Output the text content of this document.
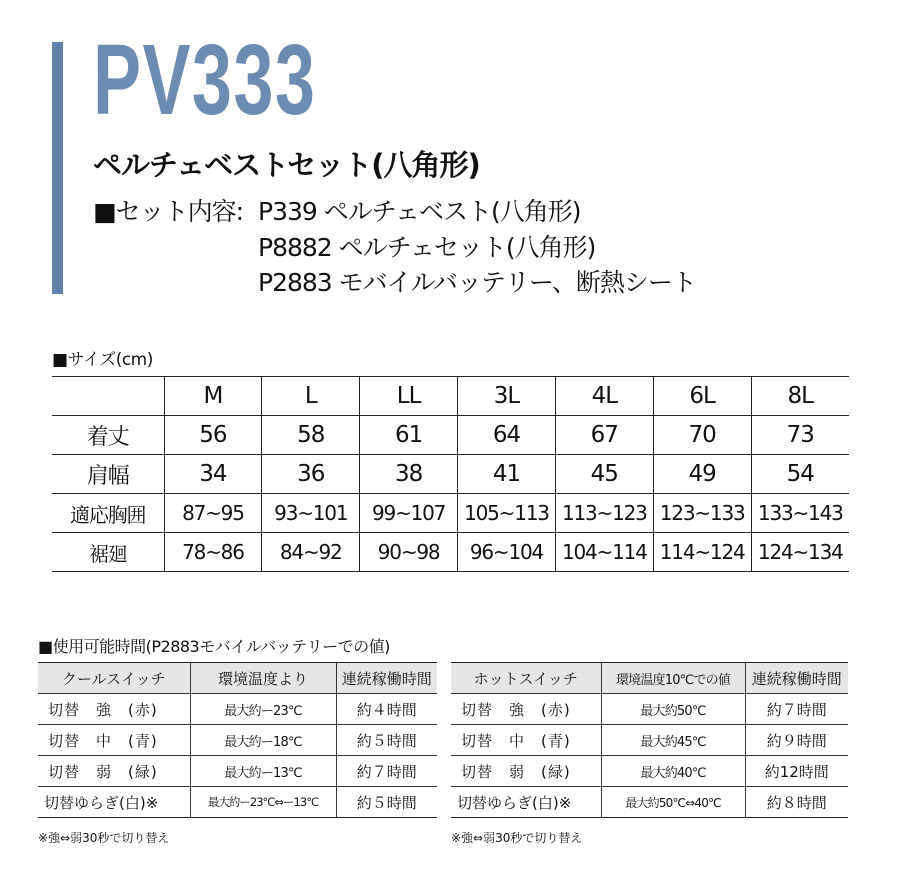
PV333
ペルチェベストセット(八角形)
■セット内容: P339 ペルチェベスト(八角形)
P8882 ペルチェセット(八角形)
P2883 モバイルバッテリー、断熱シート
■サイズ(cm)
	M	L	LL	3L	4L	6L	8L
着丈	56	58	61	64	67	70	73
肩幅	34	36	38	41	45	49	54
適応胸囲	87~95	93~101	99~107	105~113	113~123	123~133	133~143
裾廻	78~86	84~92	90~98	96~104	104~114	114~124	124~134
■使用可能時間(P2883モバイルバッテリーでの値)
クールスイッチ	環境温度より	連続稼働時間
切替　強　(赤)	最大約ー23℃	約４時間
切替　中　(青)	最大約ー18℃	約５時間
切替　弱　(緑)	最大約ー13℃	約７時間
切替ゆらぎ(白)※	最大約ー23℃⇔ー13℃	約５時間
※強⇔弱30秒で切り替え
ホットスイッチ	環境温度10℃での値	連続稼働時間
切替　強　(赤)	最大約50℃	約７時間
切替　中　(青)	最大約45℃	約９時間
切替　弱　(緑)	最大約40℃	約12時間
切替ゆらぎ(白)※	最大約50℃⇔40℃	約８時間
※強⇔弱30秒で切り替え
